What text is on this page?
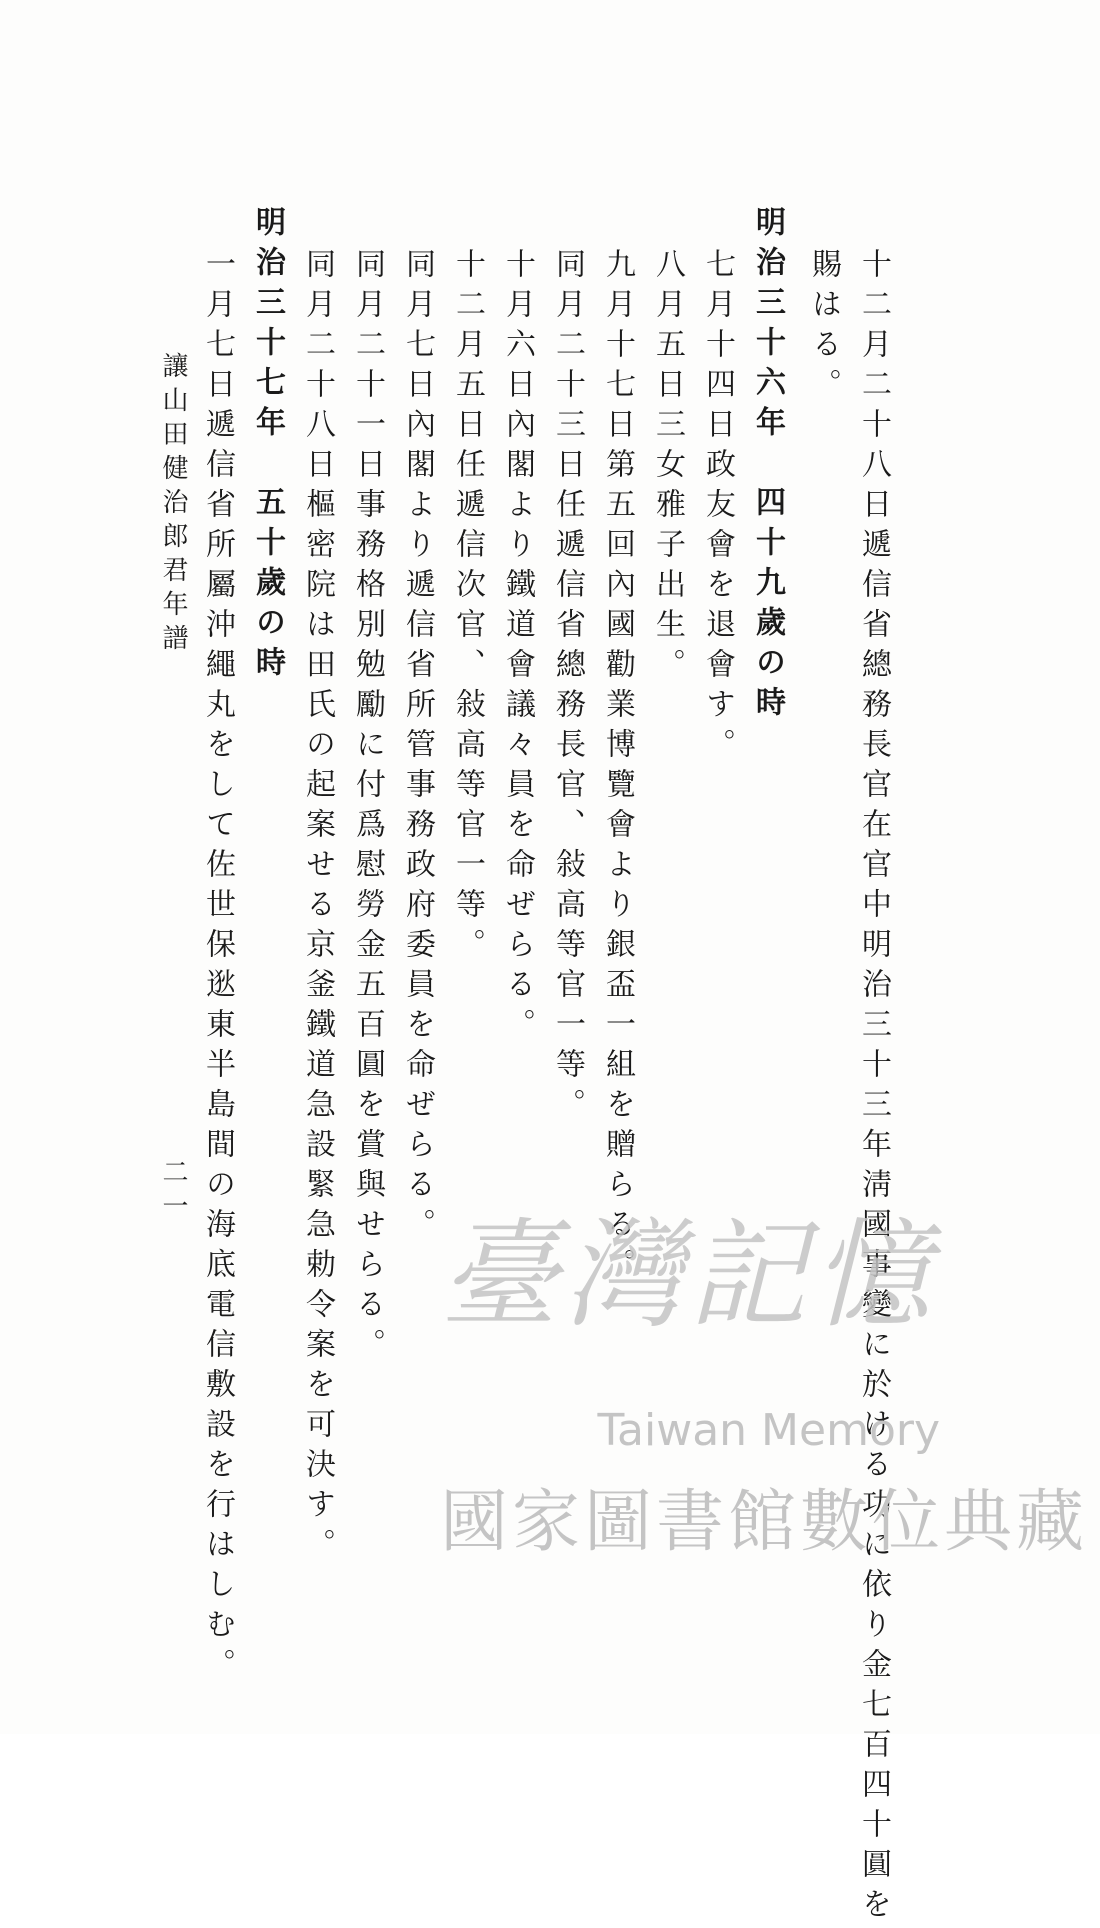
十二月二十八日遞信省總務長官在官中明治三十三年淸國事變に於ける功に依り金七百四十圓を
賜はる。
明治三十六年四十九歲の時
七月十四日政友會を退會す。
八月五日三女雅子出生。
九月十七日第五回內國勸業博覽會より銀盃一組を贈らる。
同月二十三日任遞信省總務長官、敍高等官一等。
十月六日內閣より鐵道會議々員を命ぜらる。
十二月五日任遞信次官、敍高等官一等。
同月七日內閣より遞信省所管事務政府委員を命ぜらる。
同月二十一日事務格別勉勵に付爲慰勞金五百圓を賞與せらる。
同月二十八日樞密院は田氏の起案せる京釜鐵道急設緊急勅令案を可決す。
明治三十七年五十歲の時
一月七日遞信省所屬沖繩丸をして佐世保逖東半島間の海底電信敷設を行はしむ。
讓山田健治郎君年譜
二一
臺灣記憶
Taiwan Memory
國家圖書館數位典藏
